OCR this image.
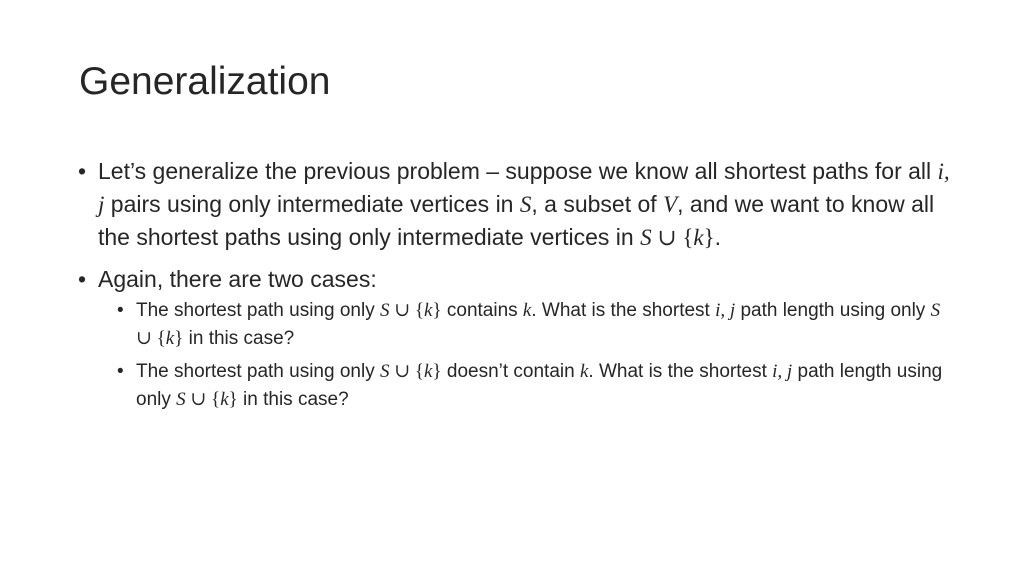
Generalization
• Let’s generalize the previous problem – suppose we know all shortest paths for all i, j pairs using only intermediate vertices in S, a subset of V, and we want to know all the shortest paths using only intermediate vertices in S ∪ {k}.
• Again, there are two cases:
• The shortest path using only S ∪ {k} contains k. What is the shortest i, j path length using only S ∪ {k} in this case?
• The shortest path using only S ∪ {k} doesn’t contain k. What is the shortest i, j path length using only S ∪ {k} in this case?
